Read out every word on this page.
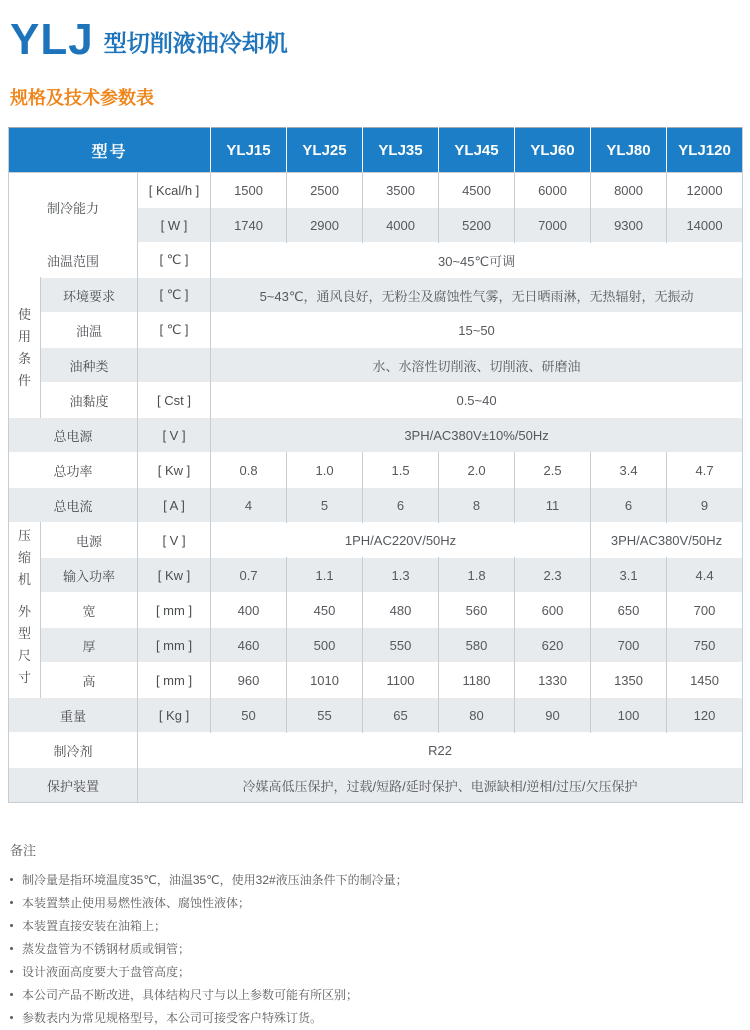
YLJ 型切削液油冷却机
规格及技术参数表
型号			YLJ15	YLJ25	YLJ35	YLJ45	YLJ60	YLJ80	YLJ120
制冷能力		[ Kcal/h ]	1500	2500	3500	4500	6000	8000	12000
		[ W ]	1740	2900	4000	5200	7000	9300	14000
油温范围		[ ℃ ]	30~45℃可调						
使用条件	环境要求	[ ℃ ]	5~43℃，通风良好，无粉尘及腐蚀性气雾，无日晒雨淋，无热辐射，无振动						
	油温	[ ℃ ]	15~50						
	油种类		水、水溶性切削液、切削液、研磨油						
	油黏度	[ Cst ]	0.5~40						
总电源		[ V ]	3PH/AC380V±10%/50Hz						
总功率		[ Kw ]	0.8	1.0	1.5	2.0	2.5	3.4	4.7
总电流		[ A ]	4	5	6	8	11	6	9
压缩机	电源	[ V ]	1PH/AC220V/50Hz					3PH/AC380V/50Hz	
	输入功率	[ Kw ]	0.7	1.1	1.3	1.8	2.3	3.1	4.4
外型尺寸	宽	[ mm ]	400	450	480	560	600	650	700
	厚	[ mm ]	460	500	550	580	620	700	750
	高	[ mm ]	960	1010	1100	1180	1330	1350	1450
重量		[ Kg ]	50	55	65	80	90	100	120
制冷剂		R22							
保护装置		冷媒高低压保护，过载/短路/延时保护、电源缺相/逆相/过压/欠压保护							
备注
制冷量是指环境温度35℃，油温35℃，使用32#液压油条件下的制冷量；
本装置禁止使用易燃性液体、腐蚀性液体；
本装置直接安装在油箱上；
蒸发盘管为不锈钢材质或铜管；
设计液面高度要大于盘管高度；
本公司产品不断改进，具体结构尺寸与以上参数可能有所区别；
参数表内为常见规格型号，本公司可接受客户特殊订货。
